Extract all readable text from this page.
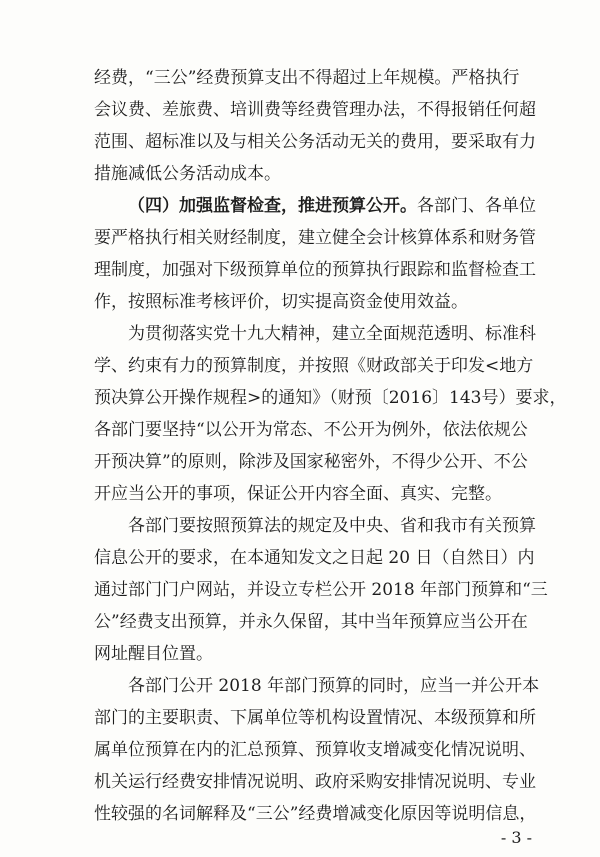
经费，“三公”经费预算支出不得超过上年规模。严格执行
会议费、差旅费、培训费等经费管理办法，不得报销任何超
范围、超标准以及与相关公务活动无关的费用，要采取有力
措施减低公务活动成本。
（四）加强监督检查，推进预算公开。各部门、各单位
要严格执行相关财经制度，建立健全会计核算体系和财务管
理制度，加强对下级预算单位的预算执行跟踪和监督检查工
作，按照标准考核评价，切实提高资金使用效益。
为贯彻落实党十九大精神，建立全面规范透明、标准科
学、约束有力的预算制度，并按照《财政部关于印发<地方
预决算公开操作规程>的通知》（财预〔2016〕143号）要求，
各部门要坚持“以公开为常态、不公开为例外，依法依规公
开预决算”的原则，除涉及国家秘密外，不得少公开、不公
开应当公开的事项，保证公开内容全面、真实、完整。
各部门要按照预算法的规定及中央、省和我市有关预算
信息公开的要求，在本通知发文之日起 20 日（自然日）内
通过部门门户网站，并设立专栏公开 2018 年部门预算和“三
公”经费支出预算，并永久保留，其中当年预算应当公开在
网址醒目位置。
各部门公开 2018 年部门预算的同时，应当一并公开本
部门的主要职责、下属单位等机构设置情况、本级预算和所
属单位预算在内的汇总预算、预算收支增减变化情况说明、
机关运行经费安排情况说明、政府采购安排情况说明、专业
性较强的名词解释及“三公”经费增减变化原因等说明信息，
- 3 -
